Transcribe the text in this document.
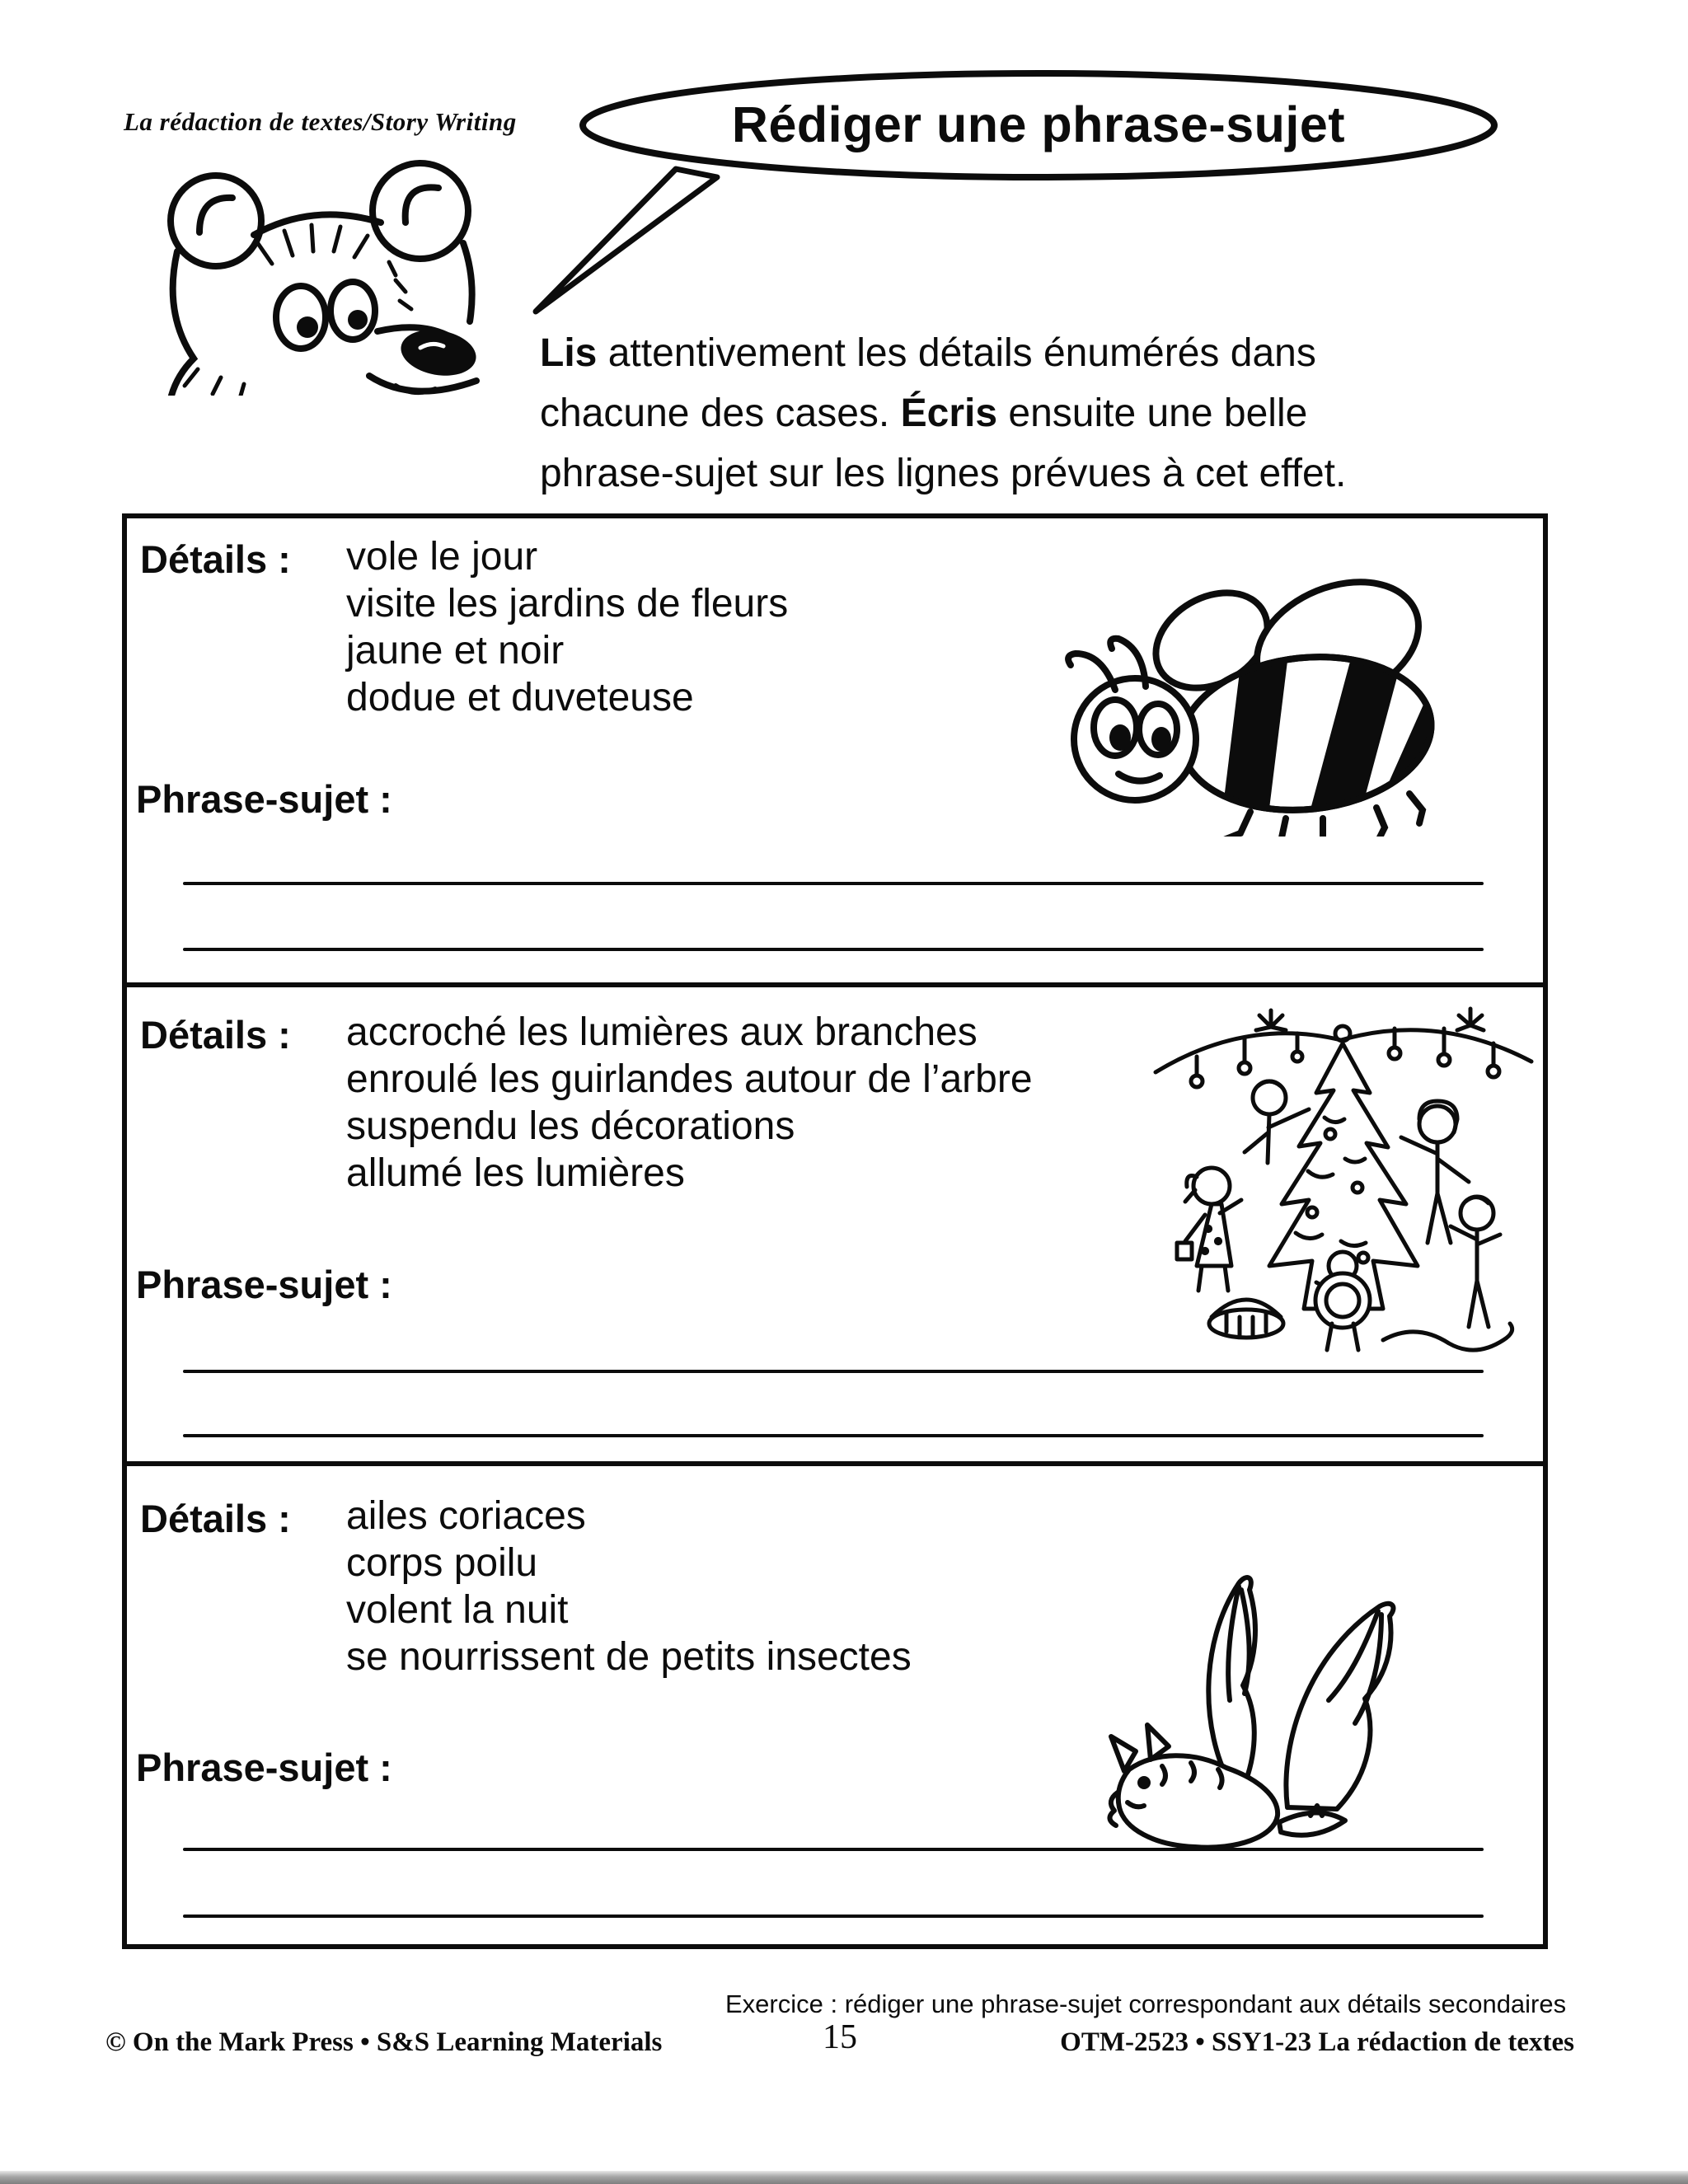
La rédaction de textes/Story Writing	Rédiger une phrase-sujet
Lis attentivement les détails énumérés dans
chacune des cases. Écris ensuite une belle
phrase-sujet sur les lignes prévues à cet effet.
Détails : vole le jour
visite les jardins de fleurs
jaune et noir
dodue et duveteuse
Phrase-sujet :
Détails : accroché les lumières aux branches
enroulé les guirlandes autour de l’arbre
suspendu les décorations
allumé les lumières
Phrase-sujet :
Détails : ailes coriaces
corps poilu
volent la nuit
se nourrissent de petits insectes
Phrase-sujet :
Exercice : rédiger une phrase-sujet correspondant aux détails secondaires
© On the Mark Press • S&S Learning Materials	15	OTM-2523 • SSY1-23 La rédaction de textes
